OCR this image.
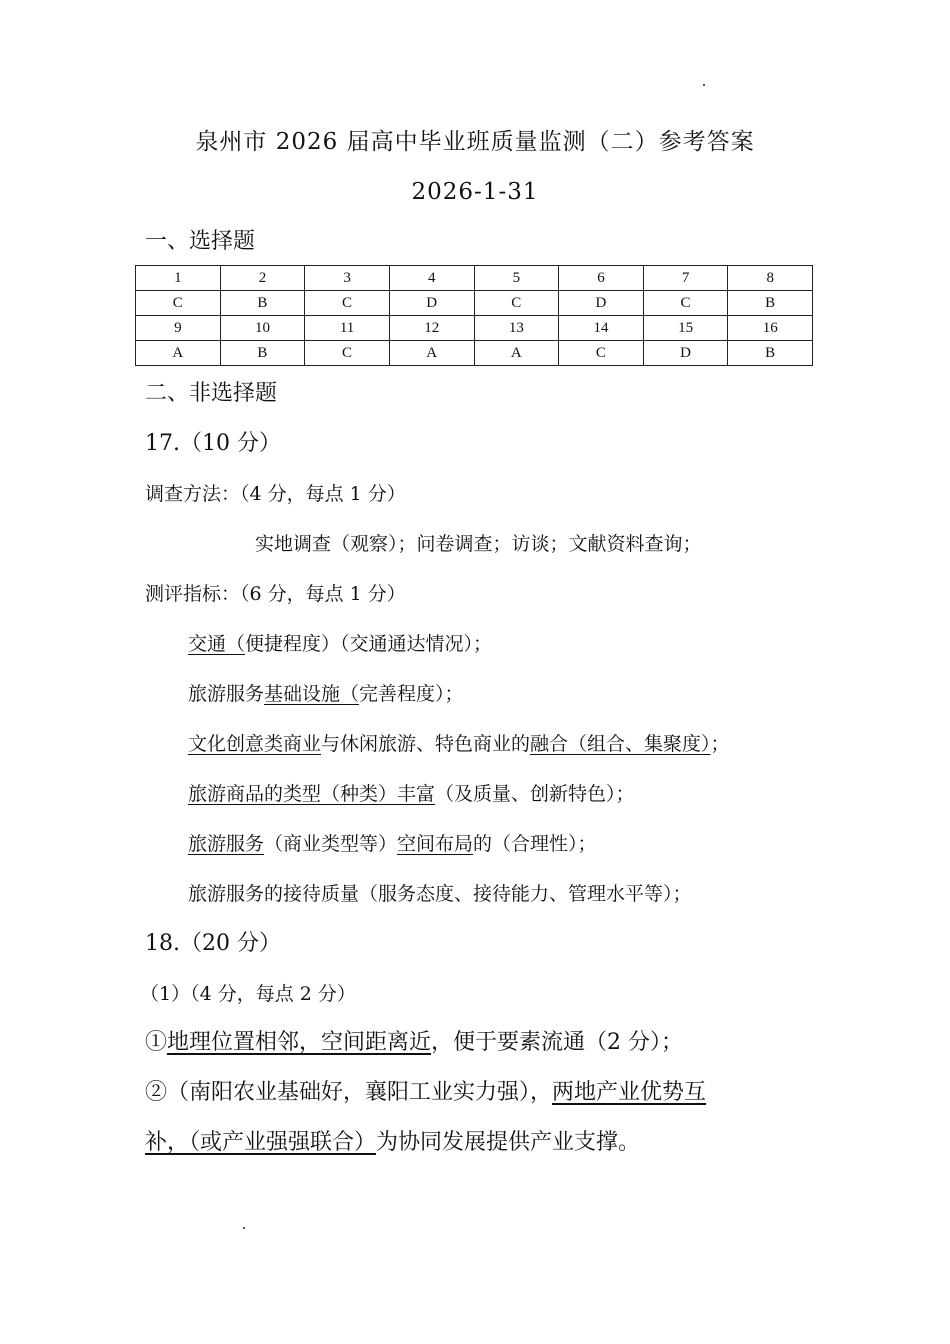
泉州市 2026 届高中毕业班质量监测（二）参考答案

2026-1-31

一、选择题

1	2	3	4	5	6	7	8
C	B	C	D	C	D	C	B
9	10	11	12	13	14	15	16
A	B	C	A	A	C	D	B

二、非选择题

17.（10 分）

调查方法：（4 分，每点 1 分）

实地调查（观察）；问卷调查；访谈；文献资料查询；

测评指标：（6 分，每点 1 分）

交通（便捷程度）（交通通达情况）；

旅游服务基础设施（完善程度）；

文化创意类商业与休闲旅游、特色商业的融合（组合、集聚度）；

旅游商品的类型（种类）丰富（及质量、创新特色）；

旅游服务（商业类型等）空间布局的（合理性）；

旅游服务的接待质量（服务态度、接待能力、管理水平等）；

18.（20 分）

（1）（4 分，每点 2 分）

①地理位置相邻，空间距离近，便于要素流通（2 分）；

②（南阳农业基础好，襄阳工业实力强），两地产业优势互

补，（或产业强强联合）为协同发展提供产业支撑。
